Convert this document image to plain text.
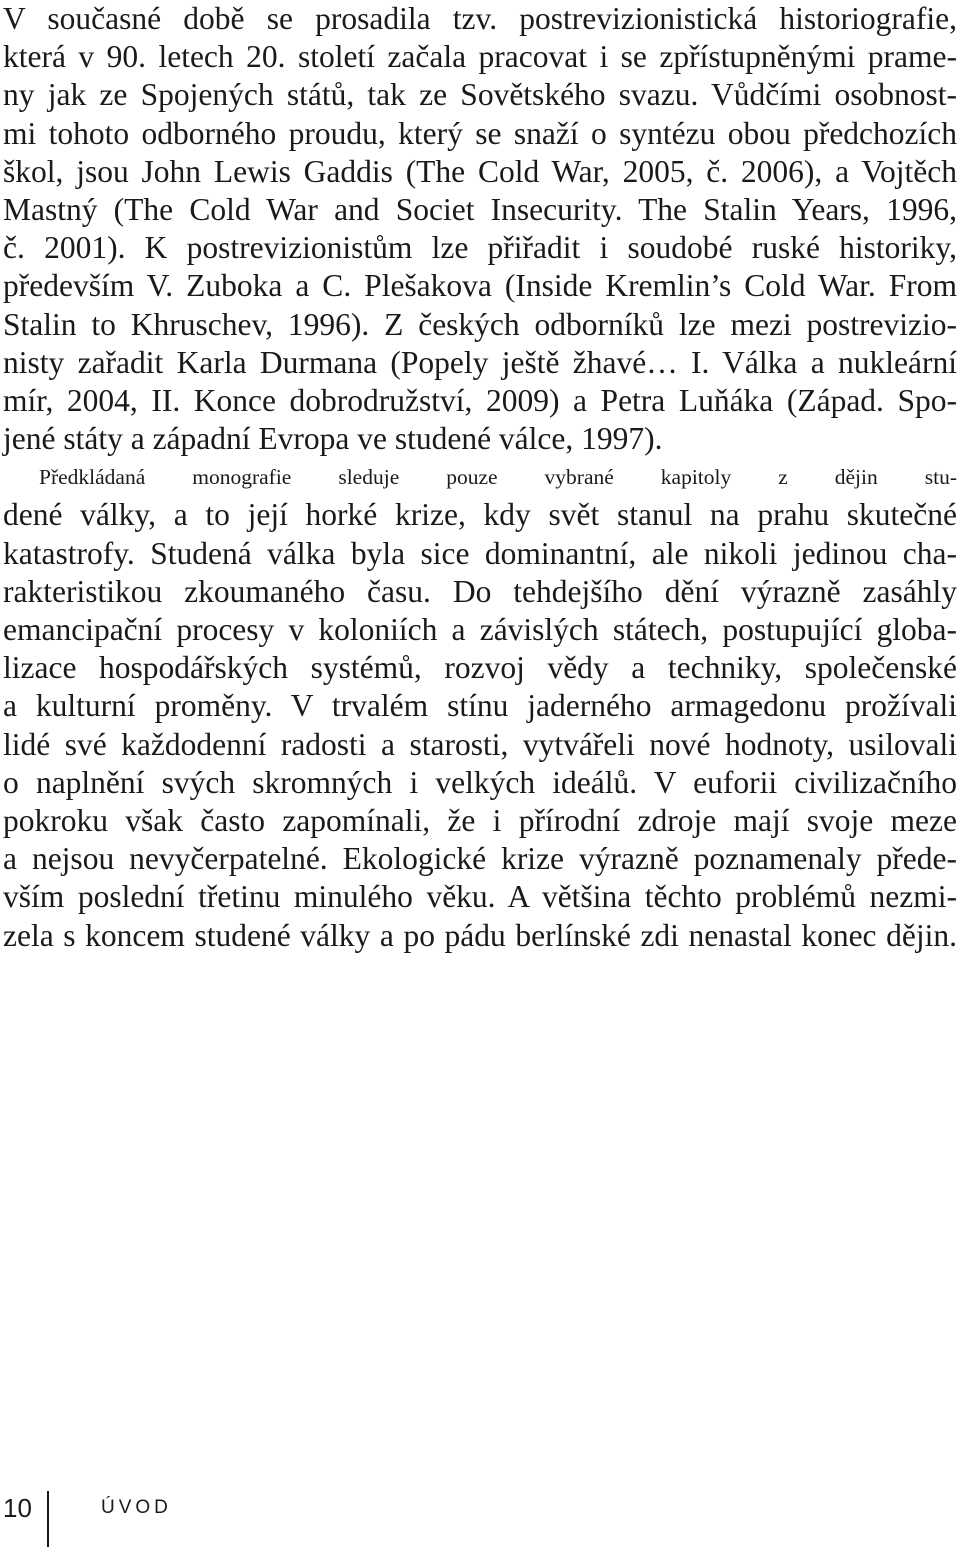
V současné době se prosadila tzv. postrevizionistická historiografie,
která v 90. letech 20. století začala pracovat i se zpřístupněnými prame-
ny jak ze Spojených států, tak ze Sovětského svazu. Vůdčími osobnost-
mi tohoto odborného proudu, který se snaží o syntézu obou předchozích
škol, jsou John Lewis Gaddis (The Cold War, 2005, č. 2006), a Vojtěch
Mastný (The Cold War and Societ Insecurity. The Stalin Years, 1996,
č. 2001). K postrevizionistům lze přiřadit i soudobé ruské historiky,
především V. Zuboka a C. Plešakova (Inside Kremlin’s Cold War. From
Stalin to Khruschev, 1996). Z českých odborníků lze mezi postrevizio-
nisty zařadit Karla Durmana (Popely ještě žhavé… I. Válka a nukleární
mír, 2004, II. Konce dobrodružství, 2009) a Petra Luňáka (Západ. Spo-
jené státy a západní Evropa ve studené válce, 1997).

Předkládaná monografie sleduje pouze vybrané kapitoly z dějin stu-
dené války, a to její horké krize, kdy svět stanul na prahu skutečné
katastrofy. Studená válka byla sice dominantní, ale nikoli jedinou cha-
rakteristikou zkoumaného času. Do tehdejšího dění výrazně zasáhly
emancipační procesy v koloniích a závislých státech, postupující globa-
lizace hospodářských systémů, rozvoj vědy a techniky, společenské
a kulturní proměny. V trvalém stínu jaderného armagedonu prožívali
lidé své každodenní radosti a starosti, vytvářeli nové hodnoty, usilovali
o naplnění svých skromných i velkých ideálů. V euforii civilizačního
pokroku však často zapomínali, že i přírodní zdroje mají svoje meze
a nejsou nevyčerpatelné. Ekologické krize výrazně poznamenaly přede-
vším poslední třetinu minulého věku. A většina těchto problémů nezmi-
zela s koncem studené války a po pádu berlínské zdi nenastal konec dějin.

10	ÚVOD
